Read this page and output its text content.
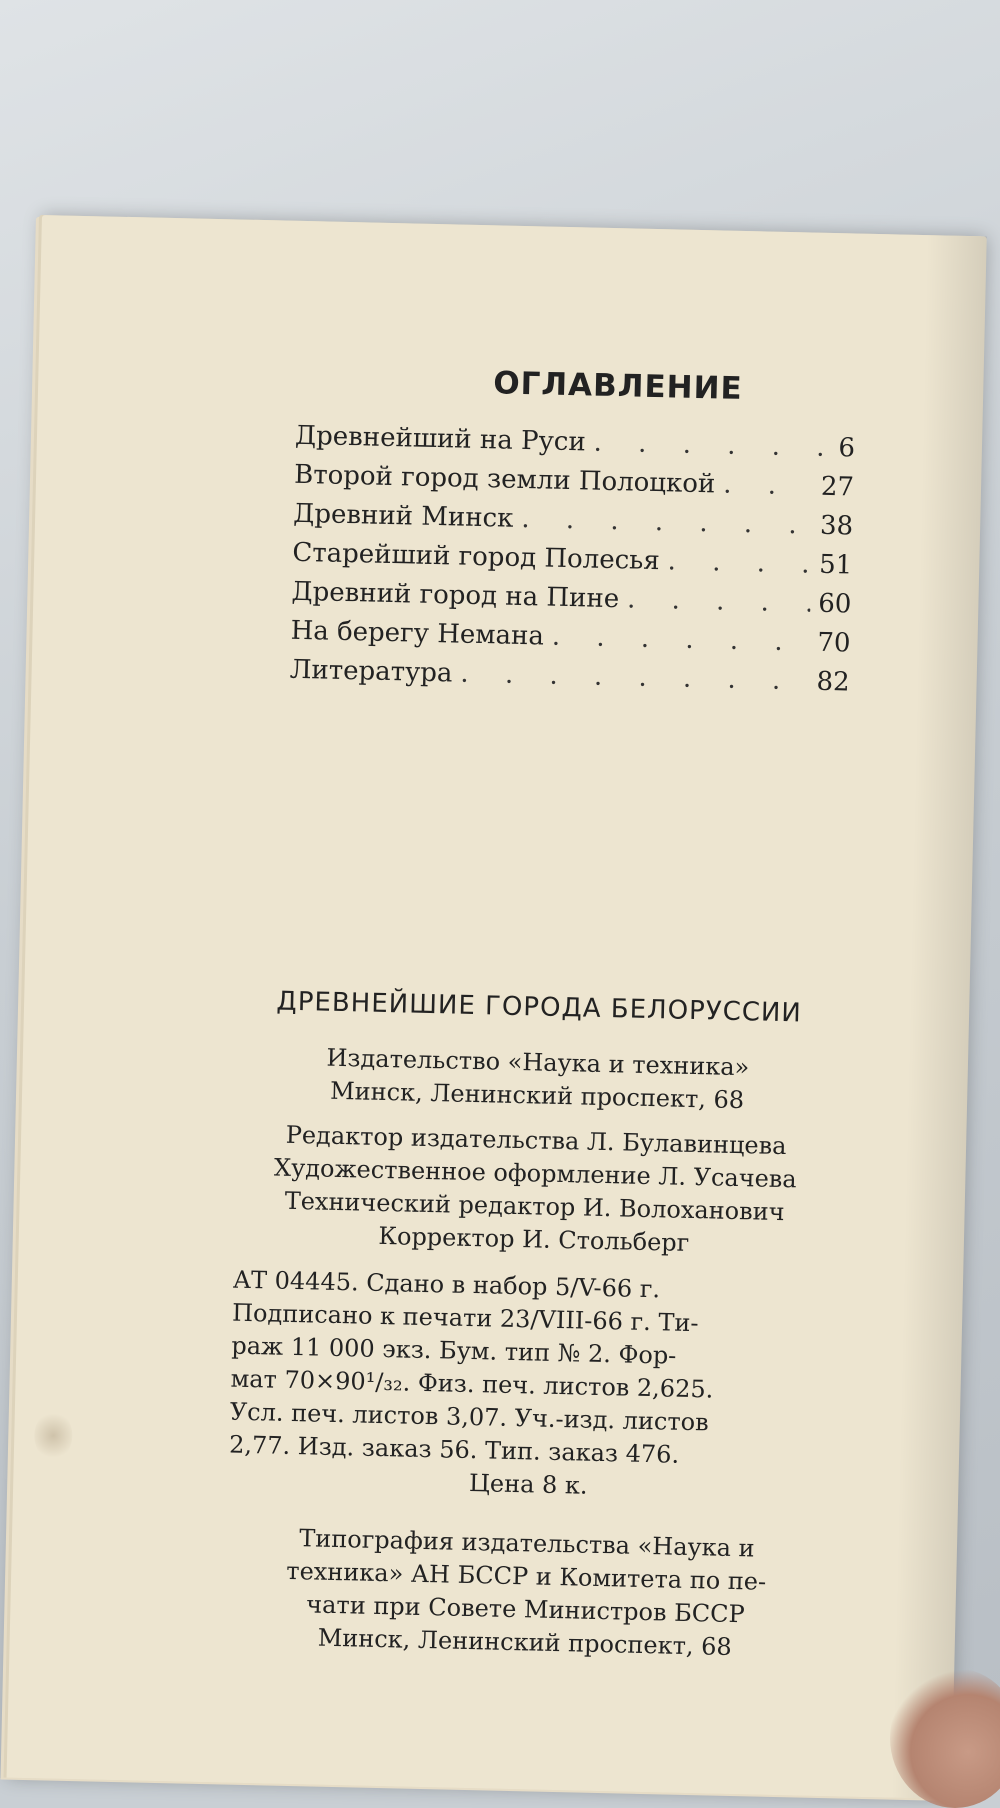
ОГЛАВЛЕНИЕ
Древнейший на Руси . . .	6
Второй город земли Полоцкой . . .	27
Древний Минск . . .	38
Старейший город Полесья . . .	51
Древний город на Пине . . .	60
На берегу Немана . . .	70
Литература . . .	82
ДРЕВНЕЙШИЕ ГОРОДА БЕЛОРУССИИ
Издательство «Наука и техника»
Минск, Ленинский проспект, 68
Редактор издательства Л. Булавинцева
Художественное оформление Л. Усачева
Технический редактор И. Волоханович
Корректор И. Стольберг
АТ 04445. Сдано в набор 5/V-66 г.
Подписано к печати 23/VIII-66 г. Ти-
раж 11 000 экз. Бум. тип № 2. Фор-
мат 70×90¹/₃₂. Физ. печ. листов 2,625.
Усл. печ. листов 3,07. Уч.-изд. листов
2,77. Изд. заказ 56. Тип. заказ 476.
Цена 8 к.
Типография издательства «Наука и
техника» АН БССР и Комитета по пе-
чати при Совете Министров БССР
Минск, Ленинский проспект, 68
